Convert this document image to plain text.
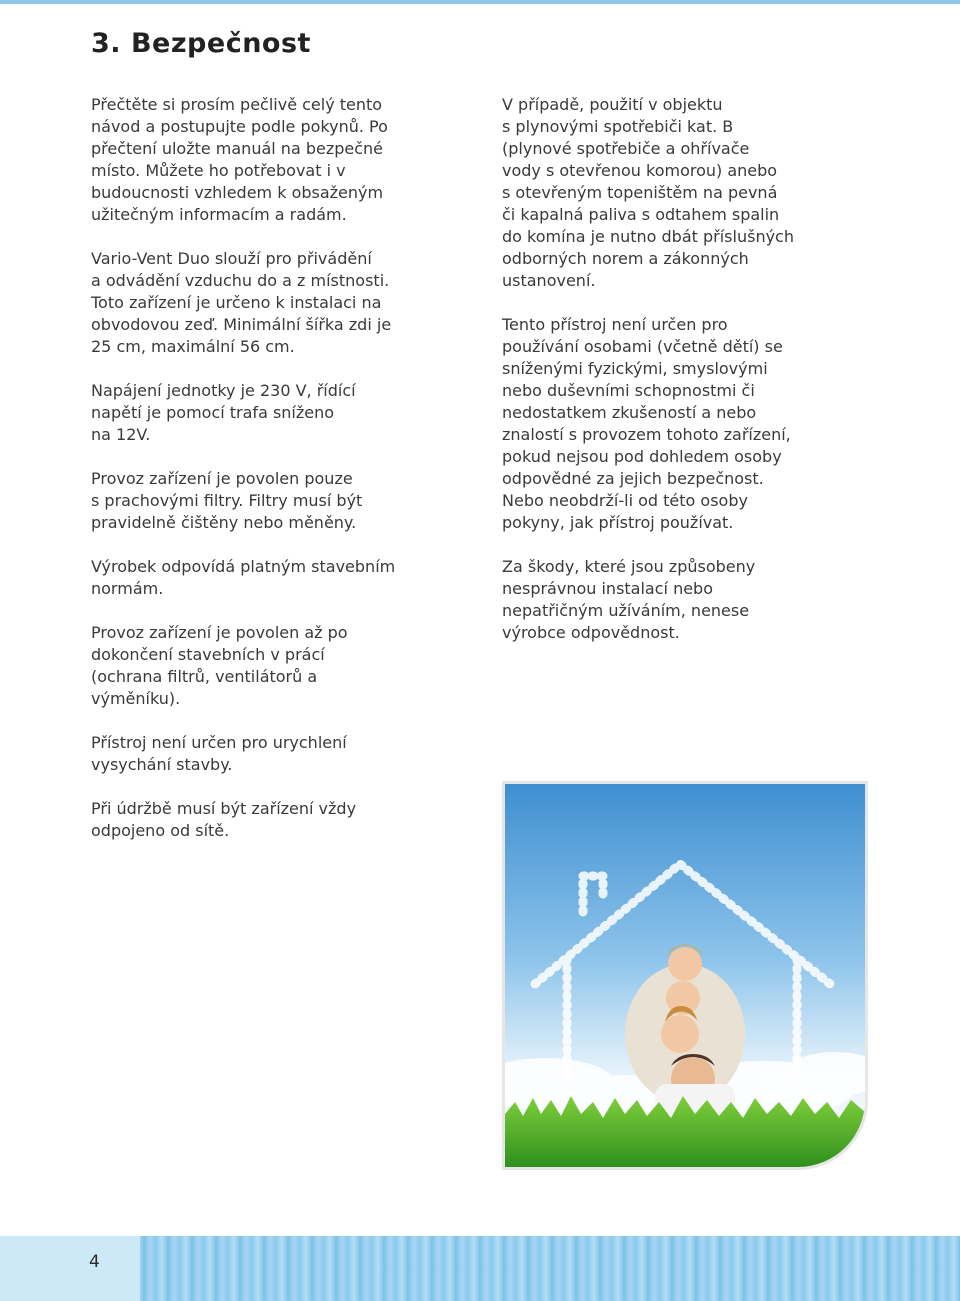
3. Bezpečnost

Přečtěte si prosím pečlivě celý tento
návod a postupujte podle pokynů. Po
přečtení uložte manuál na bezpečné
místo. Můžete ho potřebovat i v
budoucnosti vzhledem k obsaženým
užitečným informacím a radám.

Vario-Vent Duo slouží pro přivádění
a odvádění vzduchu do a z místnosti.
Toto zařízení je určeno k instalaci na
obvodovou zeď. Minimální šířka zdi je
25 cm, maximální 56 cm.

Napájení jednotky je 230 V, řídící
napětí je pomocí trafa sníženo
na 12V.

Provoz zařízení je povolen pouze
s prachovými filtry. Filtry musí být
pravidelně čištěny nebo měněny.

Výrobek odpovídá platným stavebním
normám.

Provoz zařízení je povolen až po
dokončení stavebních v prácí
(ochrana filtrů, ventilátorů a
výměníku).

Přístroj není určen pro urychlení
vysychání stavby.

Při údržbě musí být zařízení vždy
odpojeno od sítě.

V případě, použití v objektu
s plynovými spotřebiči kat. B
(plynové spotřebiče a ohřívače
vody s otevřenou komorou) anebo
s otevřeným topeništěm na pevná
či kapalná paliva s odtahem spalin
do komína je nutno dbát příslušných
odborných norem a zákonných
ustanovení.

Tento přístroj není určen pro
používání osobami (včetně dětí) se
sníženými fyzickými, smyslovými
nebo duševními schopnostmi či
nedostatkem zkušeností a nebo
znalostí s provozem tohoto zařízení,
pokud nejsou pod dohledem osoby
odpovědné za jejich bezpečnost.
Nebo neobdrží-li od této osoby
pokyny, jak přístroj používat.

Za škody, které jsou způsobeny
nesprávnou instalací nebo
nepatřičným užíváním, nenese
výrobce odpovědnost.

4
